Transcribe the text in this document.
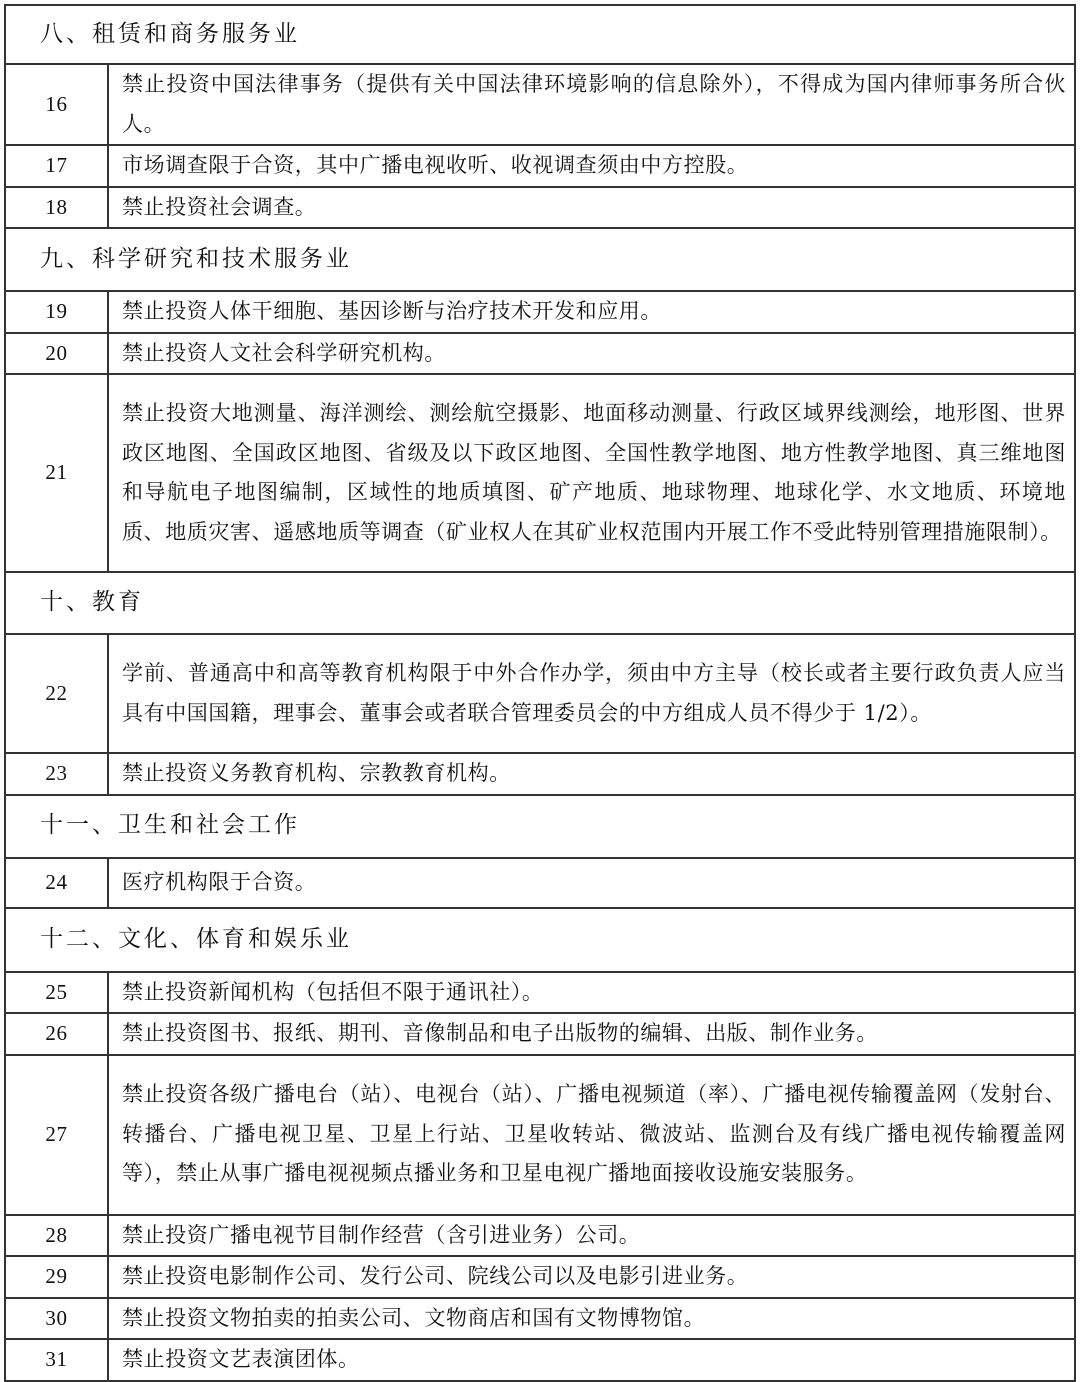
八、租赁和商务服务业	
16	禁止投资中国法律事务（提供有关中国法律环境影响的信息除外），不得成为国内律师事务所合伙人。
17	市场调查限于合资，其中广播电视收听、收视调查须由中方控股。
18	禁止投资社会调查。
九、科学研究和技术服务业	
19	禁止投资人体干细胞、基因诊断与治疗技术开发和应用。
20	禁止投资人文社会科学研究机构。
21	禁止投资大地测量、海洋测绘、测绘航空摄影、地面移动测量、行政区域界线测绘，地形图、世界政区地图、全国政区地图、省级及以下政区地图、全国性教学地图、地方性教学地图、真三维地图和导航电子地图编制，区域性的地质填图、矿产地质、地球物理、地球化学、水文地质、环境地质、地质灾害、遥感地质等调查（矿业权人在其矿业权范围内开展工作不受此特别管理措施限制）。
十、教育	
22	学前、普通高中和高等教育机构限于中外合作办学，须由中方主导（校长或者主要行政负责人应当具有中国国籍，理事会、董事会或者联合管理委员会的中方组成人员不得少于 1/2）。
23	禁止投资义务教育机构、宗教教育机构。
十一、卫生和社会工作	
24	医疗机构限于合资。
十二、文化、体育和娱乐业	
25	禁止投资新闻机构（包括但不限于通讯社）。
26	禁止投资图书、报纸、期刊、音像制品和电子出版物的编辑、出版、制作业务。
27	禁止投资各级广播电台（站）、电视台（站）、广播电视频道（率）、广播电视传输覆盖网（发射台、转播台、广播电视卫星、卫星上行站、卫星收转站、微波站、监测台及有线广播电视传输覆盖网等），禁止从事广播电视视频点播业务和卫星电视广播地面接收设施安装服务。
28	禁止投资广播电视节目制作经营（含引进业务）公司。
29	禁止投资电影制作公司、发行公司、院线公司以及电影引进业务。
30	禁止投资文物拍卖的拍卖公司、文物商店和国有文物博物馆。
31	禁止投资文艺表演团体。
